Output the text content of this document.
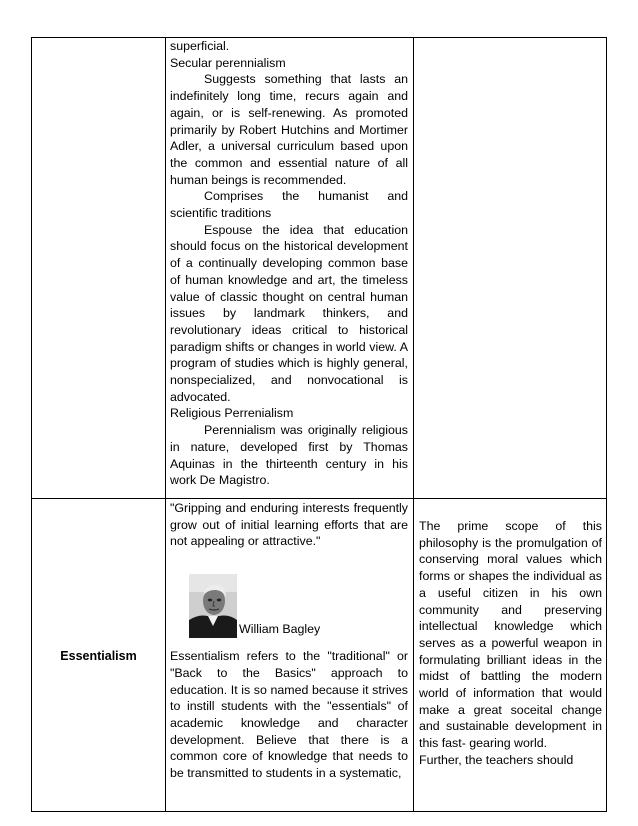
superficial.

Secular perennialism

Suggests something that lasts an indefinitely long time, recurs again and again, or is self-renewing. As promoted primarily by Robert Hutchins and Mortimer Adler, a universal curriculum based upon the common and essential nature of all human beings is recommended.

Comprises the humanist and scientific traditions

Espouse the idea that education should focus on the historical development of a continually developing common base of human knowledge and art, the timeless value of classic thought on central human issues by landmark thinkers, and revolutionary ideas critical to historical paradigm shifts or changes in world view. A program of studies which is highly general, nonspecialized, and nonvocational is advocated.

Religious Perrenialism

Perennialism was originally religious in nature, developed first by Thomas Aquinas in the thirteenth century in his work De Magistro.

Essentialism

"Gripping and enduring interests frequently grow out of initial learning efforts that are not appealing or attractive."

William Bagley

Essentialism refers to the "traditional" or "Back to the Basics" approach to education. It is so named because it strives to instill students with the "essentials" of academic knowledge and character development. Believe that there is a common core of knowledge that needs to be transmitted to students in a systematic,

The prime scope of this philosophy is the promulgation of conserving moral values which forms or shapes the individual as a useful citizen in his own community and preserving intellectual knowledge which serves as a powerful weapon in formulating brilliant ideas in the midst of battling the modern world of information that would make a great soceital change and sustainable development in this fast- gearing world.

Further, the teachers should
